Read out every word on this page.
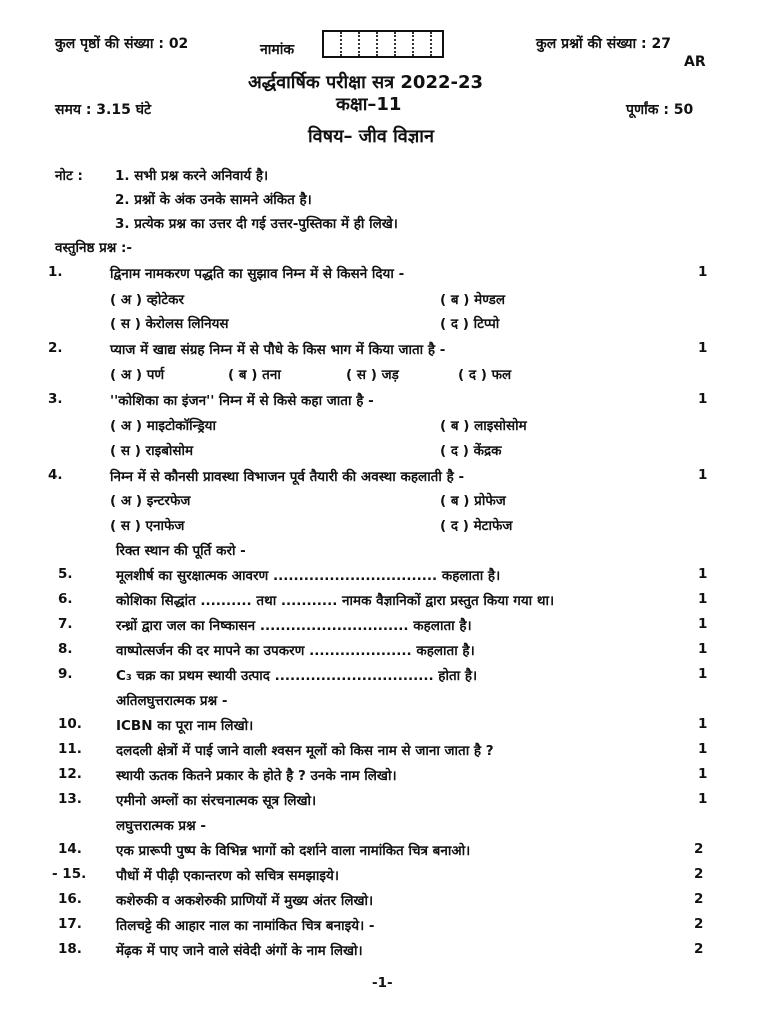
कुल पृष्ठों की संख्या : 02	नामांक	कुल प्रश्नों की संख्या : 27
AR
अर्द्धवार्षिक परीक्षा सत्र 2022-23
समय : 3.15 घंटे	कक्षा–11	पूर्णांक : 50
विषय– जीव विज्ञान
नोट : 1. सभी प्रश्न करने अनिवार्य है।
2. प्रश्नों के अंक उनके सामने अंकित है।
3. प्रत्येक प्रश्न का उत्तर दी गई उत्तर-पुस्तिका में ही लिखे।
वस्तुनिष्ठ प्रश्न :-
1.	द्विनाम नामकरण पद्धति का सुझाव निम्न में से किसने दिया -	1
( अ ) व्होटेकर	( ब ) मेण्डल
( स ) केरोलस लिनियस	( द ) टिप्पो
2.	प्याज में खाद्य संग्रह निम्न में से पौधे के किस भाग में किया जाता है -	1
( अ ) पर्ण	( ब ) तना	( स ) जड़	( द ) फल
3.	''कोशिका का इंजन'' निम्न में से किसे कहा जाता है -	1
( अ ) माइटोकॉन्ड्रिया	( ब ) लाइसोसोम
( स ) राइबोसोम	( द ) केंद्रक
4.	निम्न में से कौनसी प्रावस्था विभाजन पूर्व तैयारी की अवस्था कहलाती है -	1
( अ ) इन्टरफेज	( ब ) प्रोफेज
( स ) एनाफेज	( द ) मेटाफेज
रिक्त स्थान की पूर्ति करो -
5.	मूलशीर्ष का सुरक्षात्मक आवरण ................................ कहलाता है।	1
6.	कोशिका सिद्धांत .......... तथा ........... नामक वैज्ञानिकों द्वारा प्रस्तुत किया गया था।	1
7.	रन्ध्रों द्वारा जल का निष्कासन ............................. कहलाता है।	1
8.	वाष्पोत्सर्जन की दर मापने का उपकरण .................... कहलाता है।	1
9.	C₃ चक्र का प्रथम स्थायी उत्पाद ............................... होता है।	1
अतिलघुत्तरात्मक प्रश्न -
10.	ICBN का पूरा नाम लिखो।	1
11.	दलदली क्षेत्रों में पाई जाने वाली श्वसन मूलों को किस नाम से जाना जाता है ?	1
12.	स्थायी ऊतक कितने प्रकार के होते है ? उनके नाम लिखो।	1
13.	एमीनो अम्लों का संरचनात्मक सूत्र लिखो।	1
लघुत्तरात्मक प्रश्न -
14.	एक प्रारूपी पुष्प के विभिन्न भागों को दर्शाने वाला नामांकित चित्र बनाओ।	2
- 15. पौधों में पीढ़ी एकान्तरण को सचित्र समझाइये।	2
16.	कशेरुकी व अकशेरुकी प्राणियों में मुख्य अंतर लिखो।	2
17.	तिलचट्टे की आहार नाल का नामांकित चित्र बनाइये। -	2
18.	मेंढ़क में पाए जाने वाले संवेदी अंगों के नाम लिखो।	2
-1-
